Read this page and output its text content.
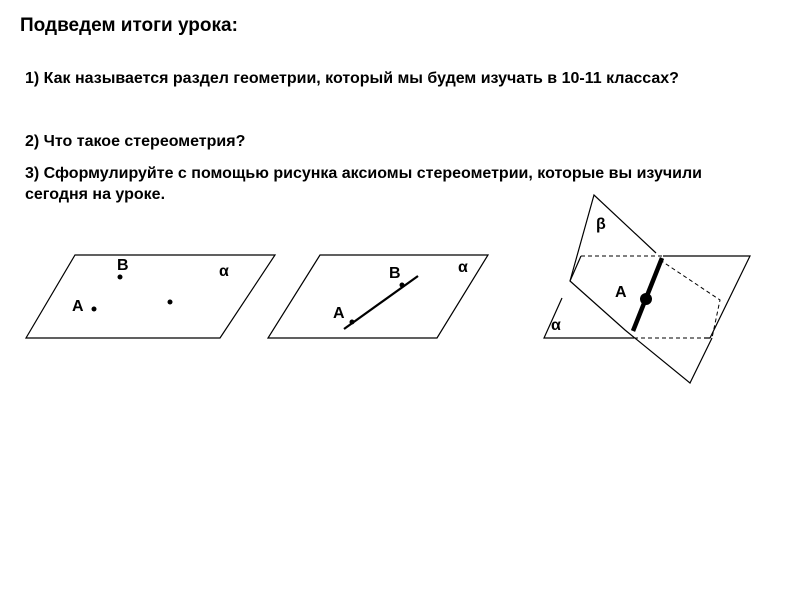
Подведем итоги урока:
1) Как называется раздел геометрии, который мы будем изучать в 10-11 классах?
2) Что такое стереометрия?
3) Сформулируйте с помощью рисунка аксиомы стереометрии, которые вы изучили сегодня на уроке.
A
B	α
A
B	α
A
β
α
